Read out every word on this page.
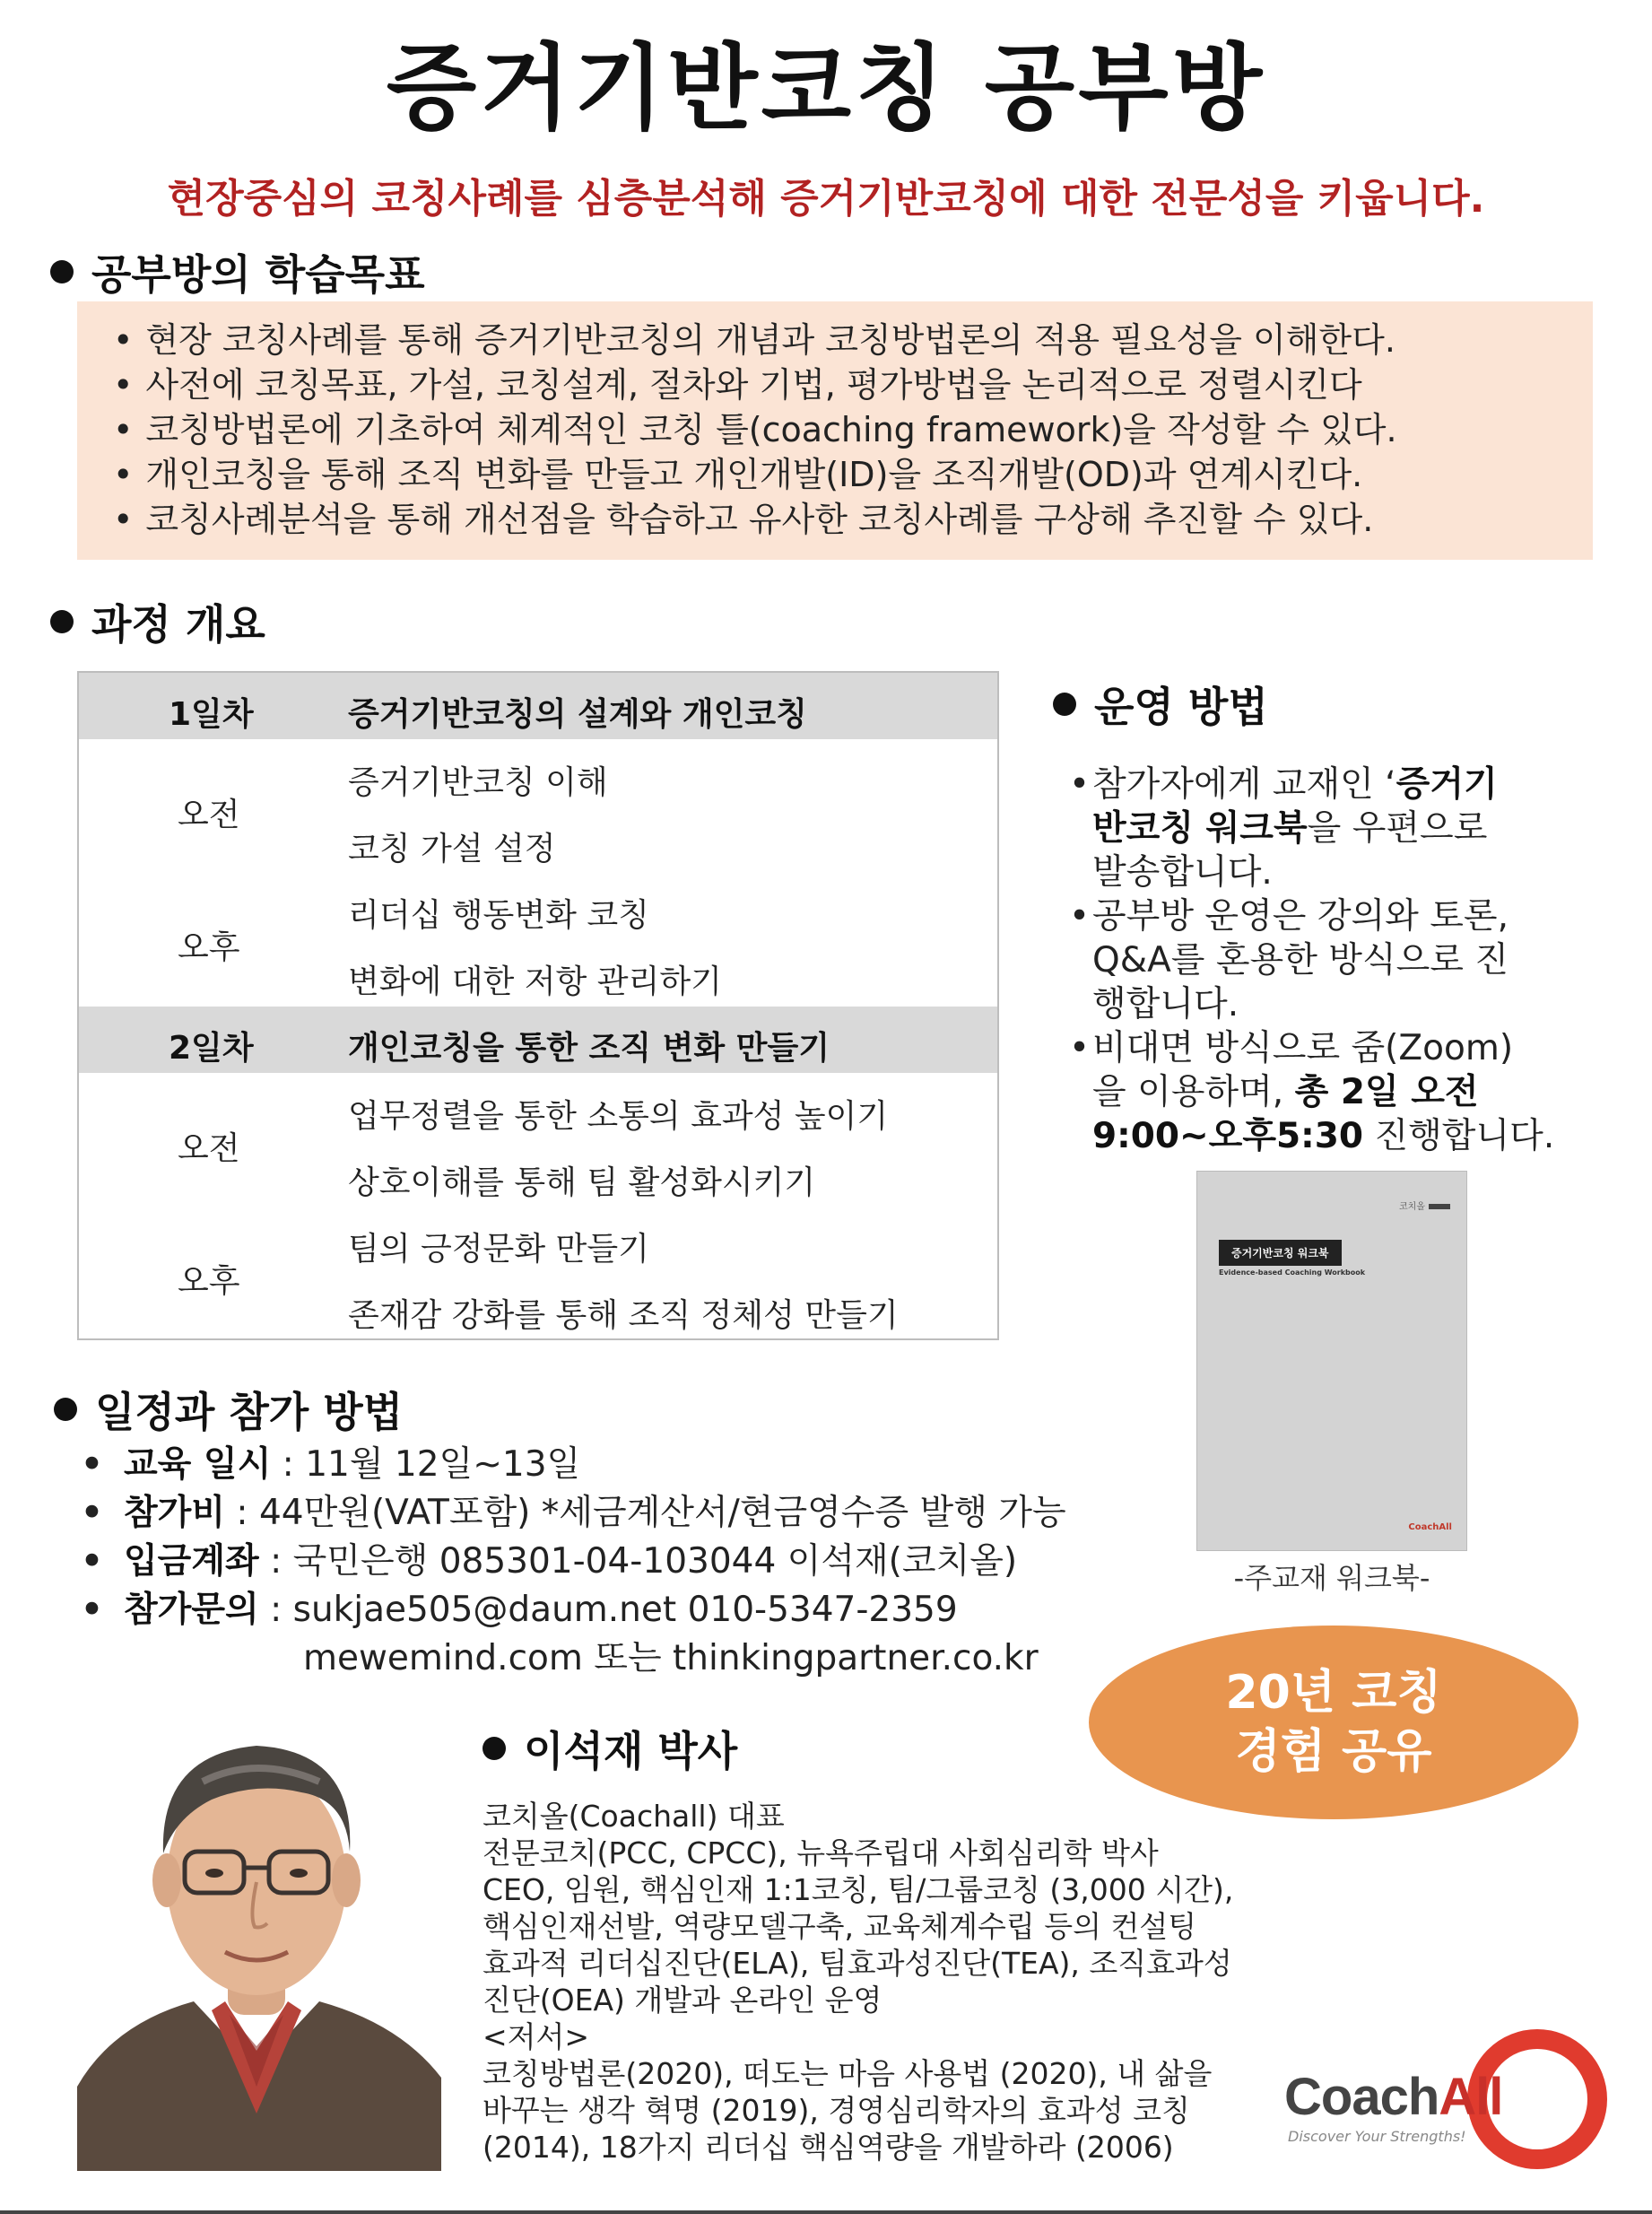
증거기반코칭 공부방
현장중심의 코칭사례를 심층분석해 증거기반코칭에 대한 전문성을 키웁니다.
공부방의 학습목표
• 현장 코칭사례를 통해 증거기반코칭의 개념과 코칭방법론의 적용 필요성을 이해한다.
• 사전에 코칭목표, 가설, 코칭설계, 절차와 기법, 평가방법을 논리적으로 정렬시킨다
• 코칭방법론에 기초하여 체계적인 코칭 틀(coaching framework)을 작성할 수 있다.
• 개인코칭을 통해 조직 변화를 만들고 개인개발(ID)을 조직개발(OD)과 연계시킨다.
• 코칭사례분석을 통해 개선점을 학습하고 유사한 코칭사례를 구상해 추진할 수 있다.
과정 개요
1일차	증거기반코칭의 설계와 개인코칭
오전
증거기반코칭 이해
코칭 가설 설정
오후
리더십 행동변화 코칭
변화에 대한 저항 관리하기
2일차	개인코칭을 통한 조직 변화 만들기
오전
업무정렬을 통한 소통의 효과성 높이기
상호이해를 통해 팀 활성화시키기
오후
팀의 긍정문화 만들기
존재감 강화를 통해 조직 정체성 만들기
운영 방법
• 참가자에게 교재인 ‘증거기
반코칭 워크북을 우편으로
발송합니다.
• 공부방 운영은 강의와 토론,
Q&A를 혼용한 방식으로 진
행합니다.
• 비대면 방식으로 줌(Zoom)
을 이용하며, 총 2일 오전
9:00~오후5:30 진행합니다.
코치올
증거기반코칭 워크북
Evidence-based Coaching Workbook
CoachAll
-주교재 워크북-
일정과 참가 방법
• 교육 일시 : 11월 12일~13일
• 참가비 : 44만원(VAT포함) *세금계산서/현금영수증 발행 가능
• 입금계좌 : 국민은행 085301-04-103044 이석재(코치올)
• 참가문의 : sukjae505@daum.net 010-5347-2359
mewemind.com 또는 thinkingpartner.co.kr
20년 코칭
경험 공유
이석재 박사
코치올(Coachall) 대표
전문코치(PCC, CPCC), 뉴욕주립대 사회심리학 박사
CEO, 임원, 핵심인재 1:1코칭, 팀/그룹코칭 (3,000 시간),
핵심인재선발, 역량모델구축, 교육체계수립 등의 컨설팅
효과적 리더십진단(ELA), 팀효과성진단(TEA), 조직효과성
진단(OEA) 개발과 온라인 운영
<저서>
코칭방법론(2020), 떠도는 마음 사용법 (2020), 내 삶을
바꾸는 생각 혁명 (2019), 경영심리학자의 효과성 코칭
(2014), 18가지 리더십 핵심역량을 개발하라 (2006)
CoachAll
Discover Your Strengths!
